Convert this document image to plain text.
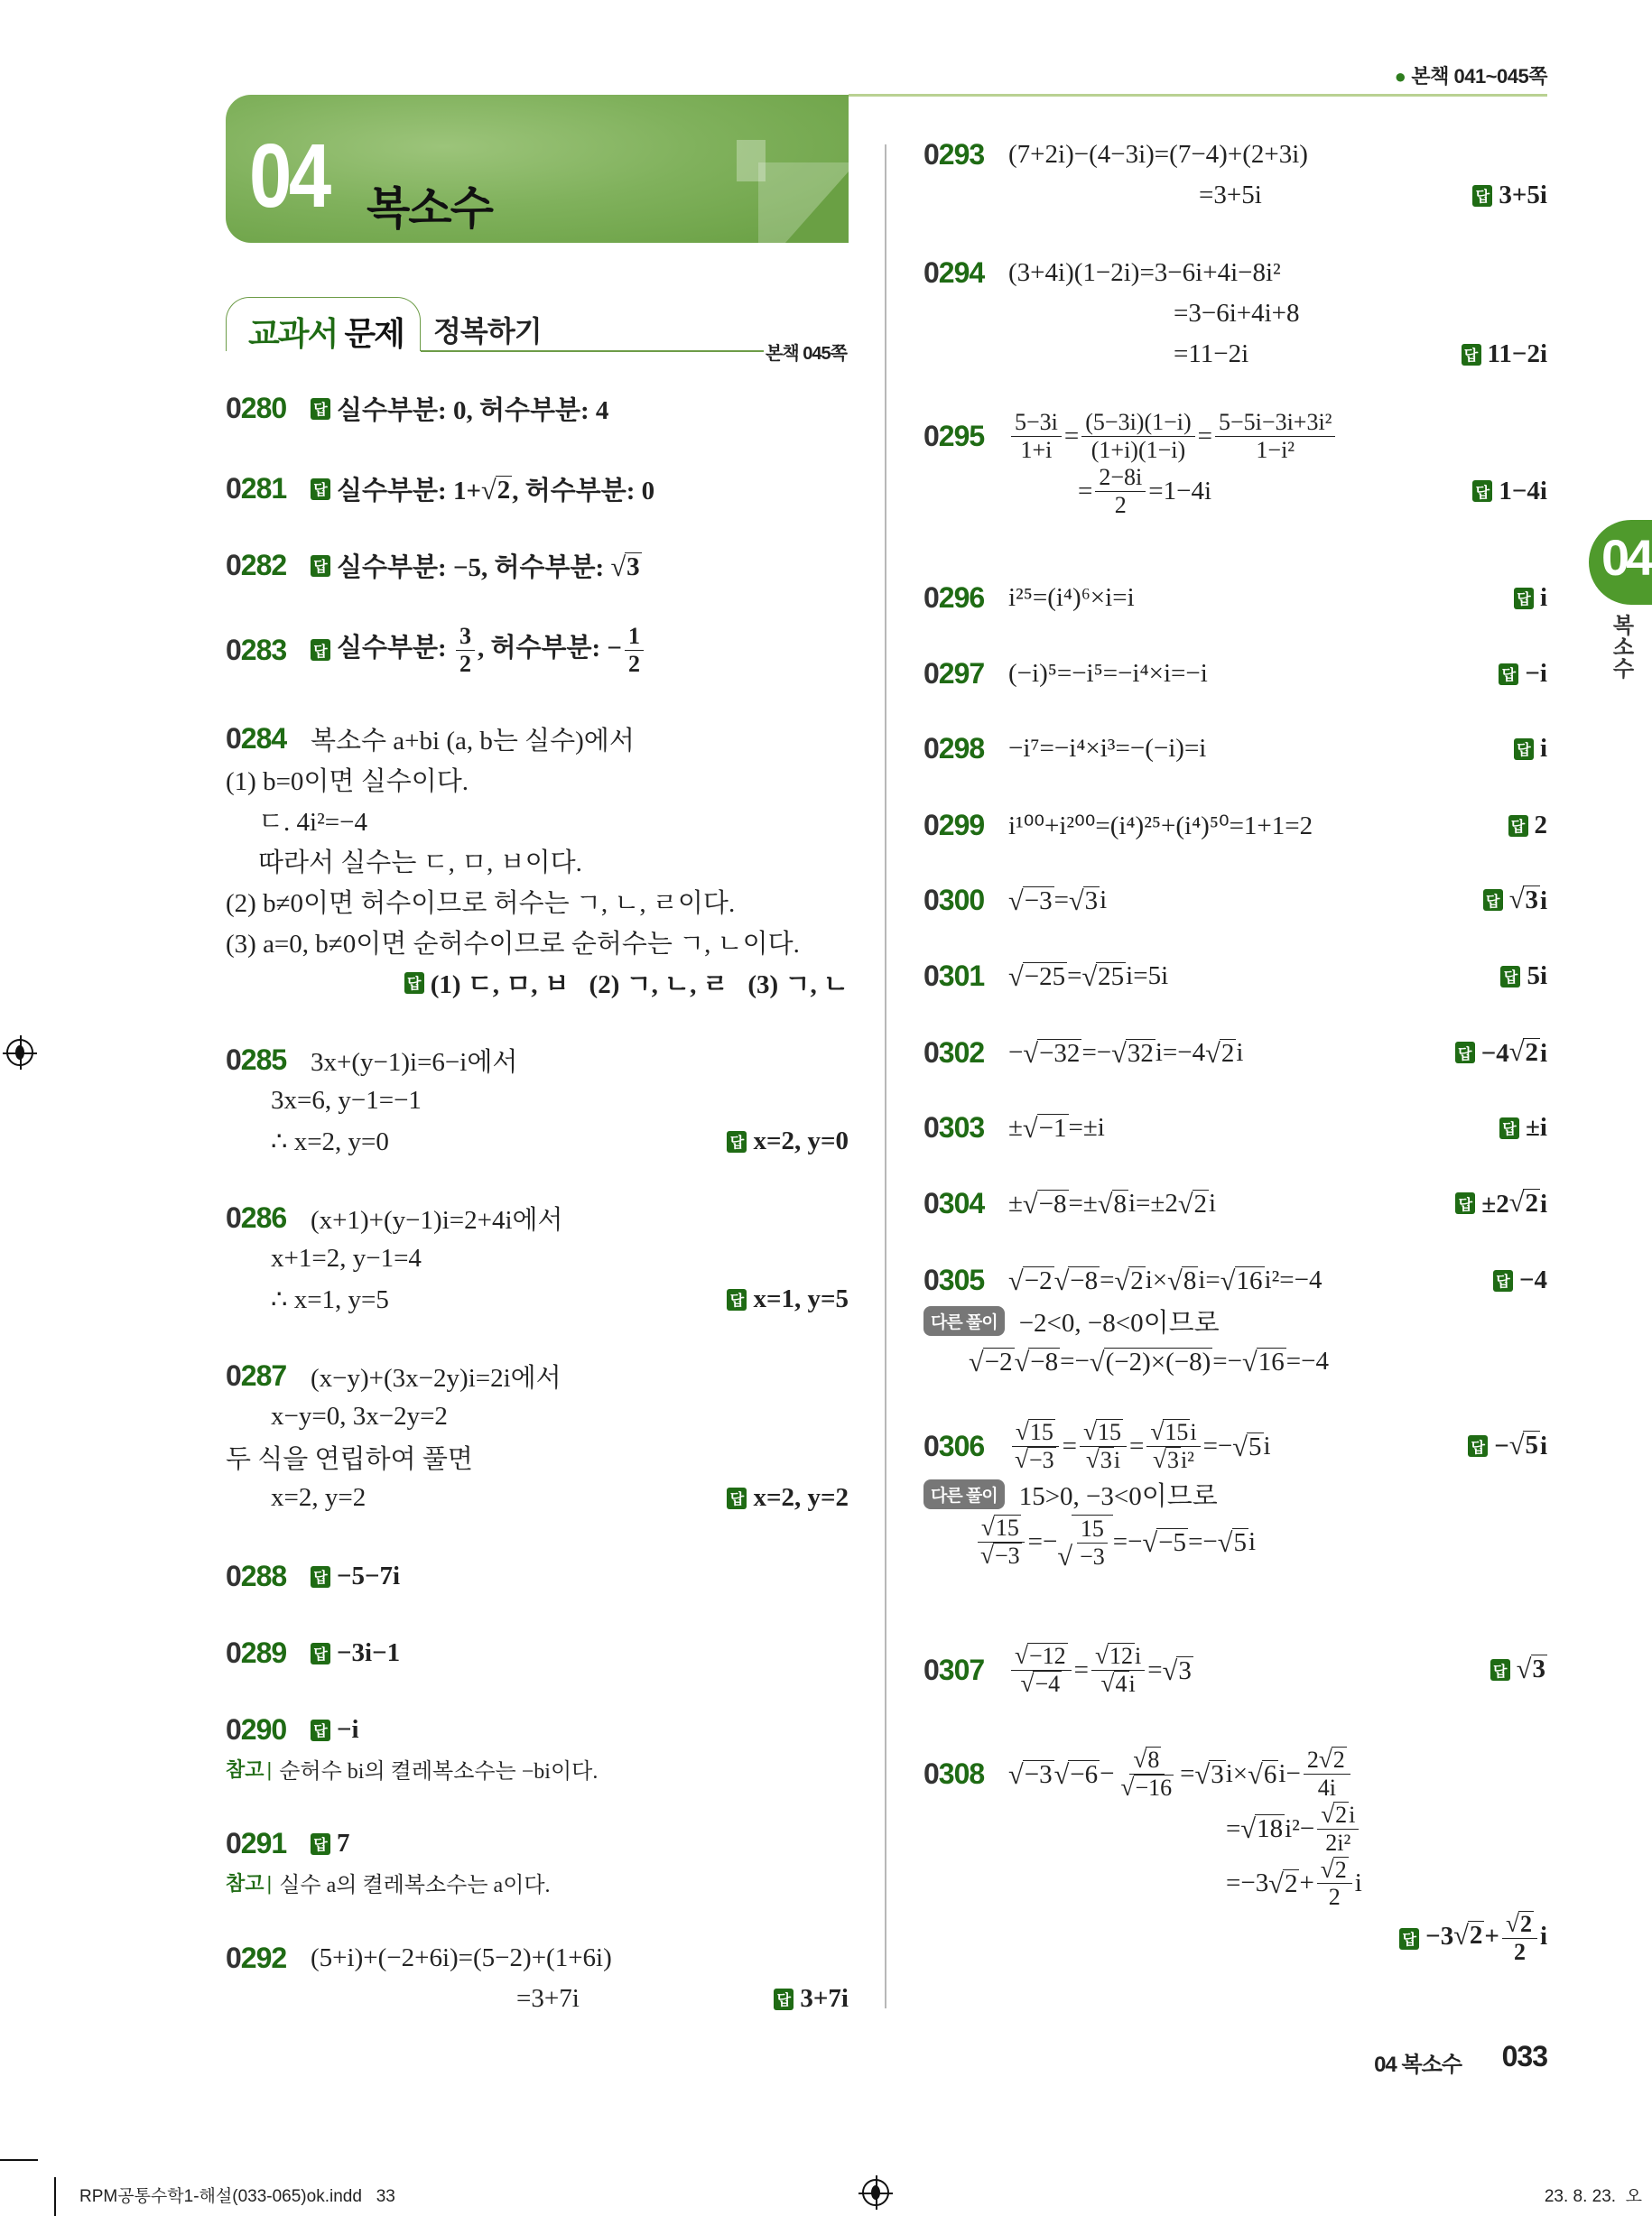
● 본책 041~045쪽
04 복소수
교과서 문제	정복하기
본책 045쪽
0280	답 실수부분: 0, 허수부분: 4
0281	답 실수부분: 1+ √ 2 , 허수부분: 0
0282	답 실수부분: −5, 허수부분: √ 3
0283	답 실수부분: $\frac{3}{2}$ , 허수부분: − $\frac{1}{2}$
0284 복소수 a+bi (a, b는 실수)에서
(1) b=0이면 실수이다.
ㄷ. 4i²=−4
따라서 실수는 ㄷ, ㅁ, ㅂ이다.
(2) b≠0이면 허수이므로 허수는 ㄱ, ㄴ, ㄹ이다.
(3) a=0, b≠0이면 순허수이므로 순허수는 ㄱ, ㄴ이다.
답 (1) ㄷ, ㅁ, ㅂ   (2) ㄱ, ㄴ, ㄹ   (3) ㄱ, ㄴ
0285 3x+(y−1)i=6−i에서
3x=6, y−1=−1
∴ x=2, y=0	답 x=2, y=0
0286 (x+1)+(y−1)i=2+4i에서
x+1=2, y−1=4
∴ x=1, y=5	답 x=1, y=5
0287 (x−y)+(3x−2y)i=2i에서
x−y=0, 3x−2y=2
두 식을 연립하여 풀면
x=2, y=2	답 x=2, y=2
0288	답 −5−7i
0289	답 −3i−1
0290	답 −i
참고 | 순허수 bi의 켤레복소수는 −bi이다.
0291	답 7
참고 | 실수 a의 켤레복소수는 a이다.
0292 (5+i)+(−2+6i)=(5−2)+(1+6i)
=3+7i	답 3+7i
0293 (7+2i)−(4−3i)=(7−4)+(2+3i)
=3+5i	답 3+5i
0294 (3+4i)(1−2i)=3−6i+4i−8i²
=3−6i+4i+8
=11−2i	답 11−2i
0295	$\frac{5-3i}{1+i} = \frac{(5-3i)(1-i)}{(1+i)(1-i)} = \frac{\text{5−5i−3i+3i²}}{\text{1−i²}}$
= $\frac{2-8i}{2} =1-4i$	답 1−4i
0296 i²⁵=(i⁴)⁶×i=i	답 i
0297 (−i)⁵=−i⁵=−i⁴×i=−i	답 −i
0298 −i⁷=−i⁴×i³=−(−i)=i	답 i
0299 i¹⁰⁰+i²⁰⁰=(i⁴)²⁵+(i⁴)⁵⁰=1+1=2	답 2
0300 √ −3 = √ 3 i	답 √ 3 i
0301 √ −25 = √ 25 i=5i	답 5i
0302 − √ −32 =− √ 32 i=−4 √ 2 i	답 −4 √ 2 i
0303 ± √ −1 =±i	답 ±i
0304 ± √ −8 =± √ 8 i=±2 √ 2 i	답 ±2 √ 2 i
0305 √ −2 √ −8 = √ 2 i× √ 8 i= √ 16 i²=−4	답 −4
다른 풀이 −2<0, −8<0이므로
√ −2 √ −8 =− √ (−2)×(−8) =− √ 16 =−4
0306	$\frac{√ 15}{√ -3} = \frac{√ 15}{√ 3 i} = \frac{√ 15 i}{\text{√ 3 i²}}$ =− √ 5 i	답 − √ 5 i
다른 풀이 15>0, −3<0이므로
$\frac{√ 15}{√ -3}$ =− √ $\frac{15}{-3}$ =− √ −5 =− √ 5 i
0307	$\frac{√ -12}{√ -4} = \frac{√ 12 i}{√ 4 i}$ = √ 3	답 √ 3
0308 √ −3 √ $-6 - \frac{√ 8}{√ -16}$ = √ 3 i× √ 6 $i- \frac{2 √ 2}{4i}$
= √ 18 $i^2- \frac{√ 2 i}{\text{2i²}}$
=−3 √ $2 + \frac{√ 2}{2}$ i
답 −3 √ $2 + \frac{√ 2}{2}$ i
04
복소수
04 복소수 033
RPM공통수학1-해설(033-065)ok.indd   33	23. 8. 23.  오
